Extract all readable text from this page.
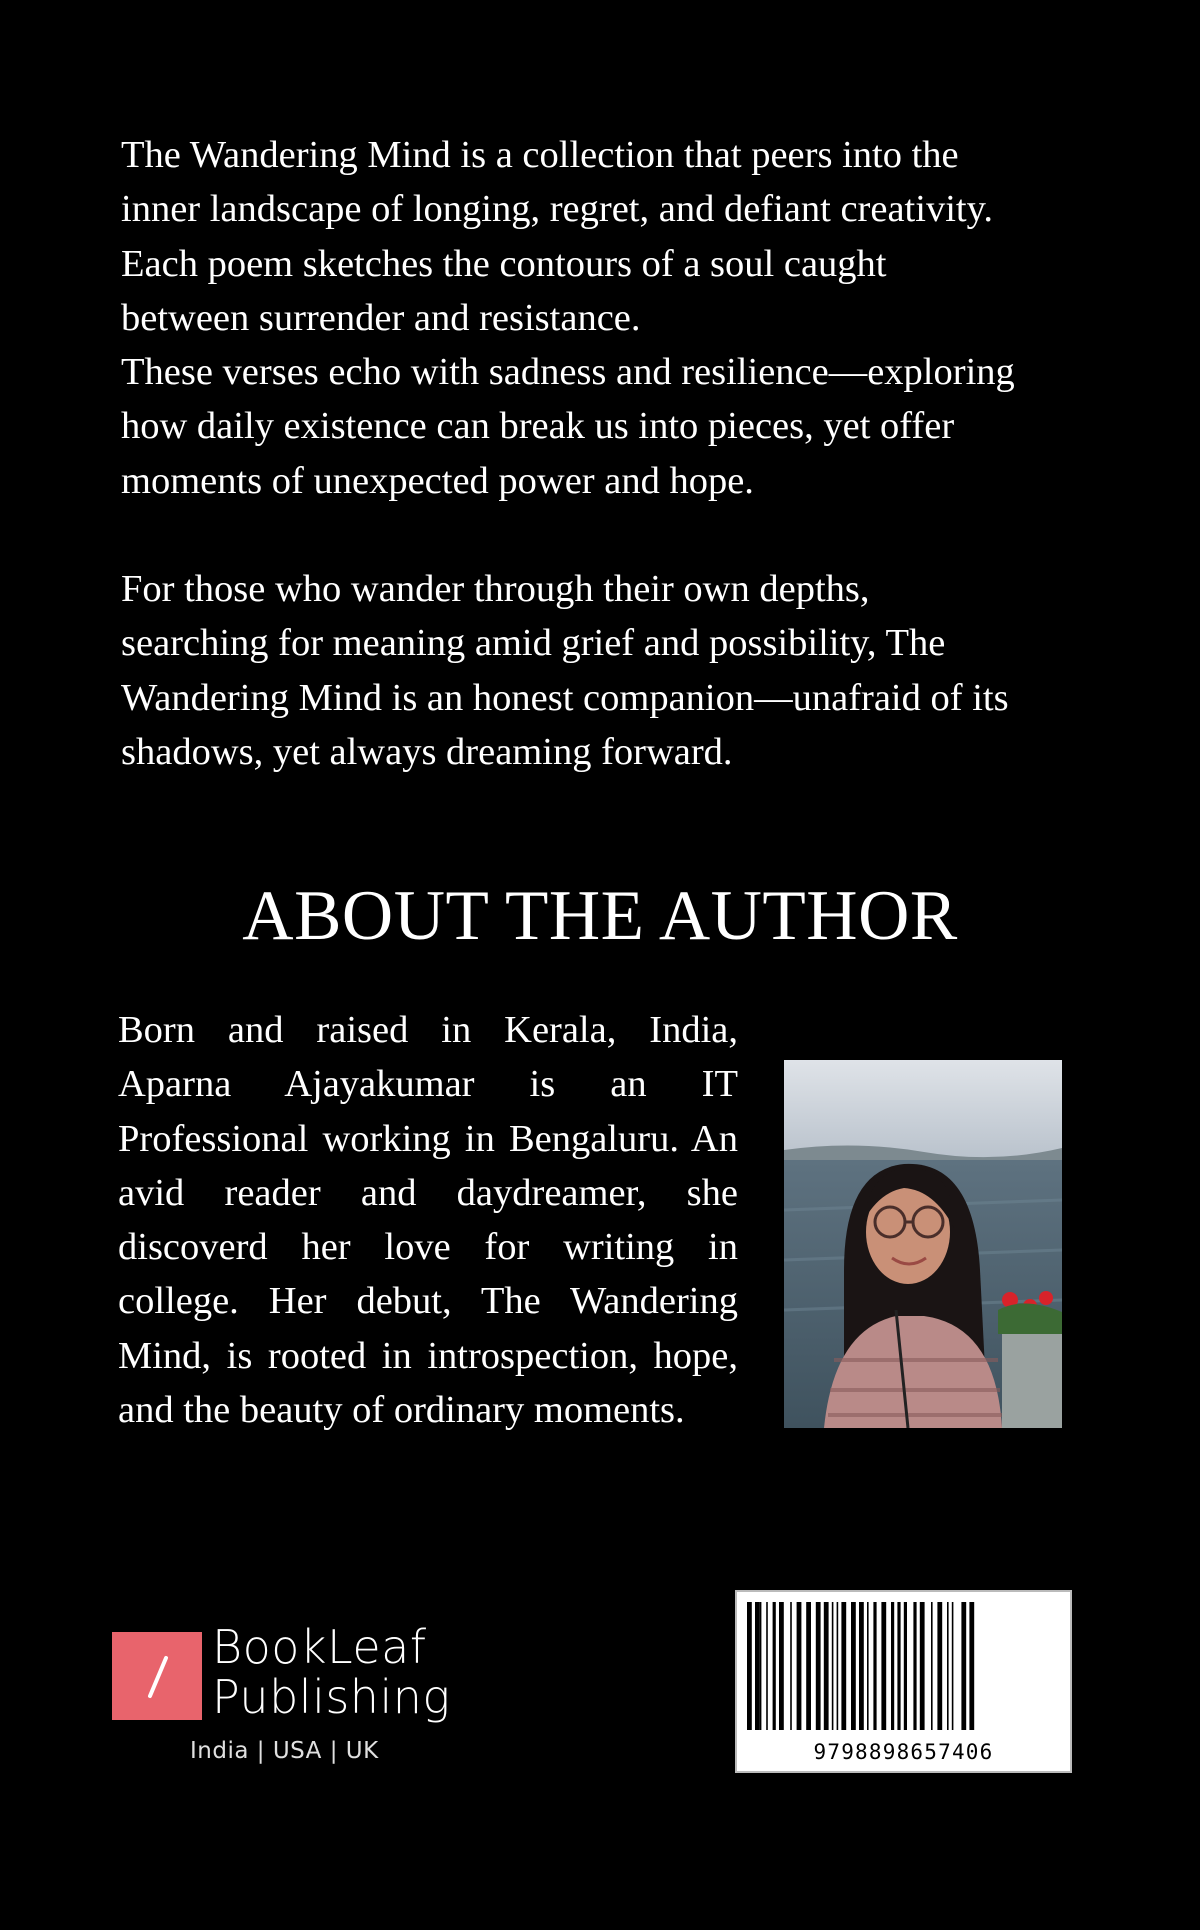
The Wandering Mind is a collection that peers into the
inner landscape of longing, regret, and defiant creativity.
Each poem sketches the contours of a soul caught
between surrender and resistance.
These verses echo with sadness and resilience—exploring
how daily existence can break us into pieces, yet offer
moments of unexpected power and hope.

For those who wander through their own depths,
searching for meaning amid grief and possibility, The
Wandering Mind is an honest companion—unafraid of its
shadows, yet always dreaming forward.

ABOUT THE AUTHOR

Born and raised in Kerala, India, Aparna Ajayakumar is an IT Professional working in Bengaluru. An avid reader and daydreamer, she discoverd her love for writing in college. Her debut, The Wandering Mind, is rooted in introspection, hope, and the beauty of ordinary moments.

BookLeaf
Publishing
India | USA | UK	9798898657406
